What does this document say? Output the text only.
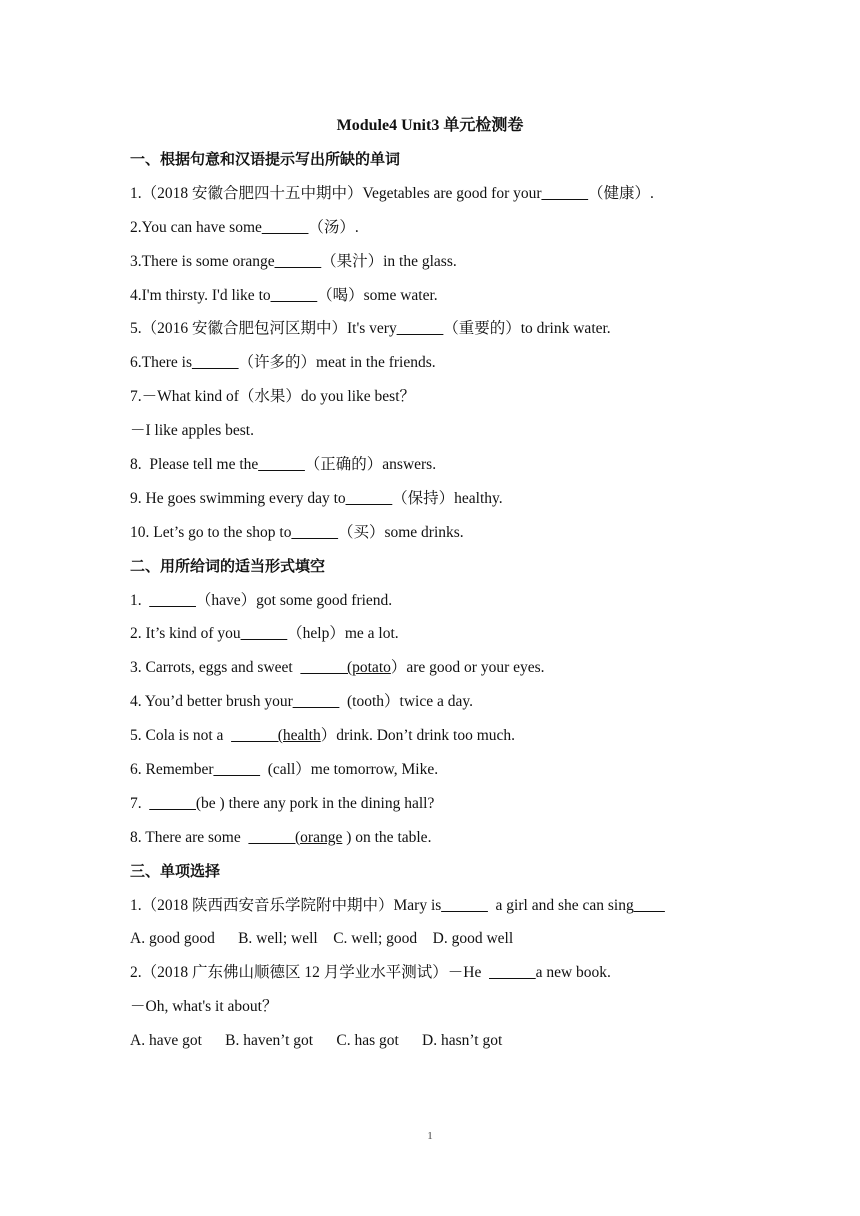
Module4 Unit3 单元检测卷
一、根据句意和汉语提示写出所缺的单词
1.（2018 安徽合肥四十五中期中）Vegetables are good for your______（健康）.
2.You can have some______（汤）.
3.There is some orange______（果汁）in the glass.
4.I'm thirsty. I'd like to______（喝）some water.
5.（2016 安徽合肥包河区期中）It's very______（重要的）to drink water.
6.There is______（许多的）meat in the friends.
7.－What kind of（水果）do you like best？
－I like apples best.
8.  Please tell me the______（正确的）answers.
9. He goes swimming every day to______（保持）healthy.
10. Let’s go to the shop to______（买）some drinks.
二、用所给词的适当形式填空
1.  ______（have）got some good friend.
2. It’s kind of you______（help）me a lot.
3. Carrots, eggs and sweet  ______(potato）are good or your eyes.
4. You’d better brush your______  (tooth）twice a day.
5. Cola is not a  ______(health）drink. Don’t drink too much.
6. Remember______  (call）me tomorrow, Mike.
7.  ______(be ) there any pork in the dining hall?
8. There are some  ______(orange ) on the table.
三、单项选择
1.（2018 陕西西安音乐学院附中期中）Mary is______  a girl and she can sing____
A. good good      B. well; well    C. well; good    D. good well
2.（2018 广东佛山顺德区 12 月学业水平测试）－He  ______a new book.
－Oh, what's it about？
A. have got      B. haven’t got      C. has got      D. hasn’t got
1
